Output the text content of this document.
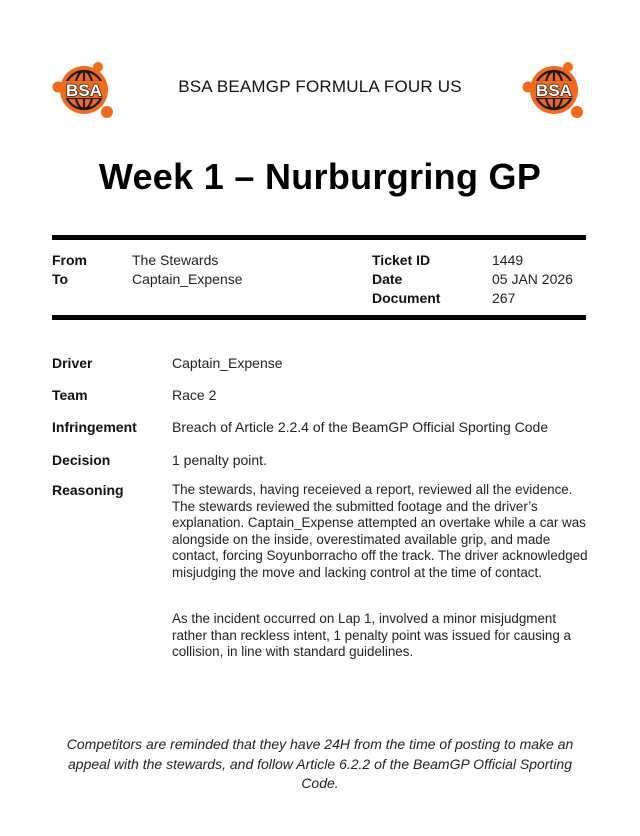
BSA	BSA BEAMGP FORMULA FOUR US	BSA
Week 1 – Nurburgring GP
From	The Stewards
To	Captain_Expense
Ticket ID	1449
Date	05 JAN 2026
Document	267
Driver	Captain_Expense
Team	Race 2
Infringement	Breach of Article 2.2.4 of the BeamGP Official Sporting Code
Decision	1 penalty point.
Reasoning	The stewards, having receieved a report, reviewed all the evidence. The stewards reviewed the submitted footage and the driver’s explanation. Captain_Expense attempted an overtake while a car was alongside on the inside, overestimated available grip, and made contact, forcing Soyunborracho off the track. The driver acknowledged misjudging the move and lacking control at the time of contact.
As the incident occurred on Lap 1, involved a minor misjudgment rather than reckless intent, 1 penalty point was issued for causing a collision, in line with standard guidelines.
Competitors are reminded that they have 24H from the time of posting to make an appeal with the stewards, and follow Article 6.2.2 of the BeamGP Official Sporting Code.
